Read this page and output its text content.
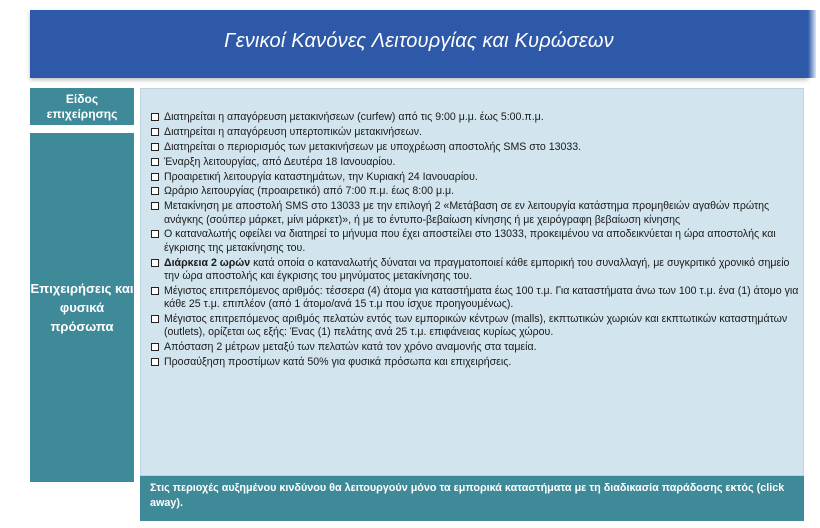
Γενικοί Κανόνες Λειτουργίας και Κυρώσεων
Είδος επιχείρησης
Επιχειρήσεις και φυσικά πρόσωπα
Διατηρείται η απαγόρευση μετακινήσεων (curfew) από τις 9:00 μ.μ. έως 5:00.π.μ.
Διατηρείται η απαγόρευση υπερτοπικών μετακινήσεων.
Διατηρείται ο περιορισμός των μετακινήσεων με υποχρέωση αποστολής SMS στο 13033.
Έναρξη λειτουργίας, από Δευτέρα 18 Ιανουαρίου.
Προαιρετική λειτουργία καταστημάτων, την Κυριακή 24 Ιανουαρίου.
Ωράριο λειτουργίας (προαιρετικό) από 7:00 π.μ. έως 8:00 μ.μ.
Μετακίνηση με αποστολή SMS στο 13033 με την επιλογή 2 «Μετάβαση σε εν λειτουργία κατάστημα προμηθειών αγαθών πρώτης ανάγκης (σούπερ μάρκετ, μίνι μάρκετ)», ή με το έντυπο-βεβαίωση κίνησης ή με χειρόγραφη βεβαίωση κίνησης
Ο καταναλωτής οφείλει να διατηρεί το μήνυμα που έχει αποστείλει στο 13033, προκειμένου να αποδεικνύεται η ώρα αποστολής και έγκρισης της μετακίνησης του.
Διάρκεια 2 ωρών κατά οποία ο καταναλωτής δύναται να πραγματοποιεί κάθε εμπορική του συναλλαγή, με συγκριτικό χρονικό σημείο την ώρα αποστολής και έγκρισης του μηνύματος μετακίνησης του.
Μέγιστος επιτρεπόμενος αριθμός: τέσσερα (4) άτομα για καταστήματα έως 100 τ.μ. Για καταστήματα άνω των 100 τ.μ. ένα (1) άτομο για κάθε 25 τ.μ. επιπλέον (από 1 άτομο/ανά 15 τ.μ που ίσχυε προηγουμένως).
Μέγιστος επιτρεπόμενος αριθμός πελατών εντός των εμπορικών κέντρων (malls), εκπτωτικών χωριών και εκπτωτικών καταστημάτων (outlets), ορίζεται ως εξής: Ένας (1) πελάτης ανά 25 τ.μ. επιφάνειας κυρίως χώρου.
Απόσταση 2 μέτρων μεταξύ των πελατών κατά τον χρόνο αναμονής στα ταμεία.
Προσαύξηση προστίμων κατά 50% για φυσικά πρόσωπα και επιχειρήσεις.
Στις περιοχές αυξημένου κινδύνου θα λειτουργούν μόνο τα εμπορικά καταστήματα με τη διαδικασία παράδοσης εκτός (click away).
